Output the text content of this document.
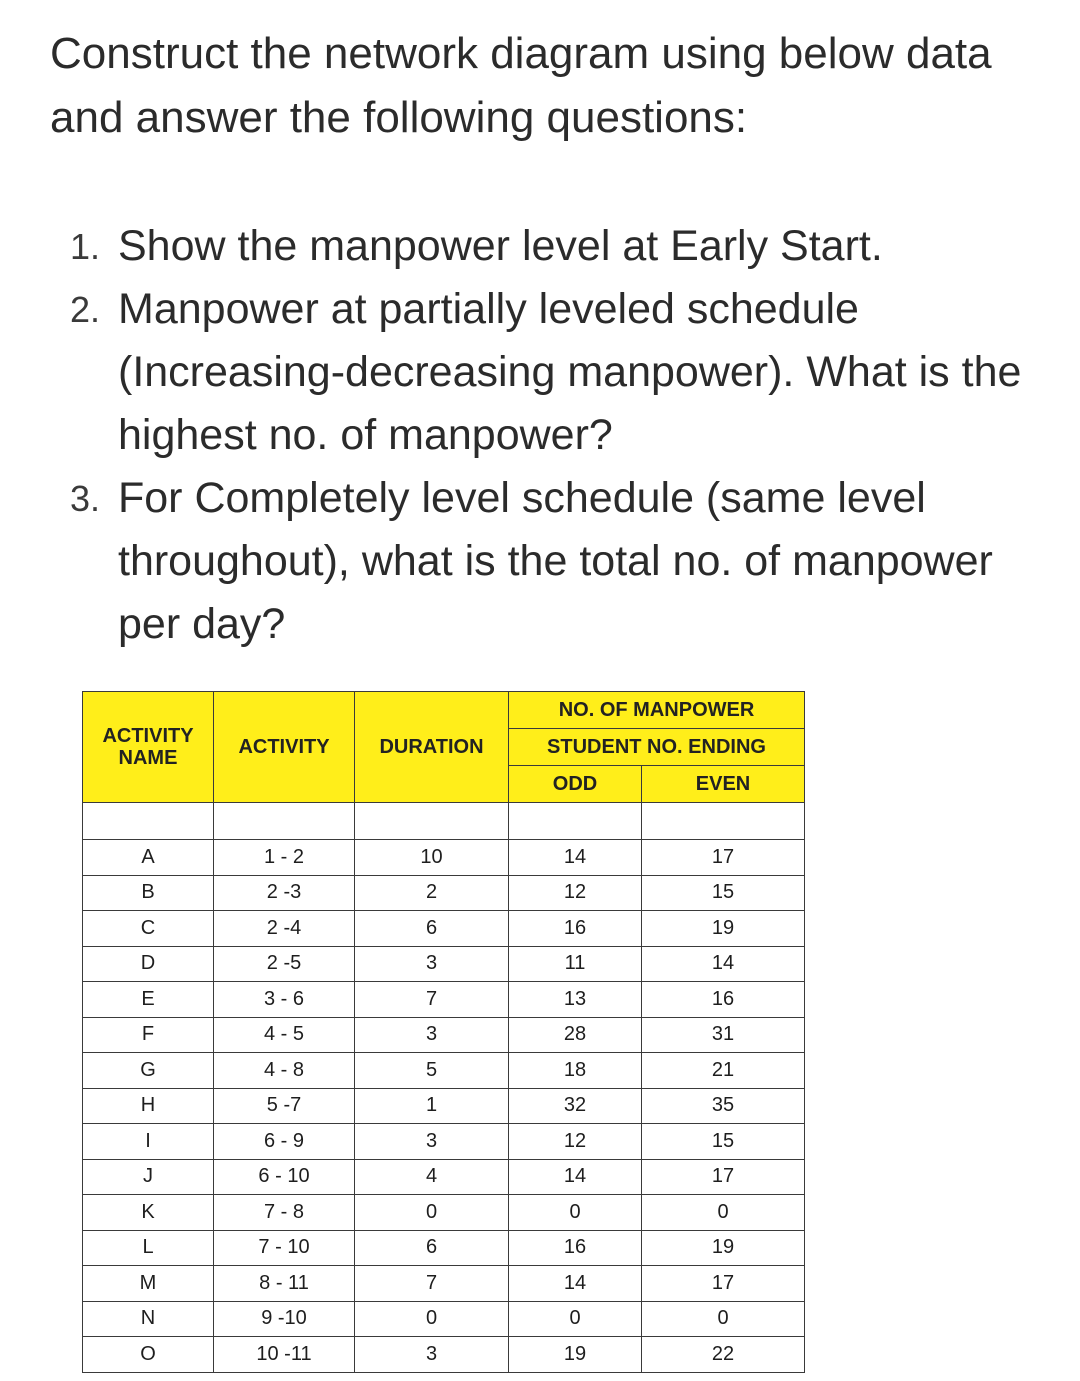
Construct the network diagram using below data and answer the following questions:
1. Show the manpower level at Early Start.
2. Manpower at partially leveled schedule (Increasing-decreasing manpower). What is the highest no. of manpower?
3. For Completely level schedule (same level throughout), what is the total no. of manpower per day?
ACTIVITY NAME	ACTIVITY	DURATION	NO. OF MANPOWER	
			STUDENT NO. ENDING	
			ODD	EVEN

A	1 - 2	10	14	17
B	2 -3	2	12	15
C	2 -4	6	16	19
D	2 -5	3	11	14
E	3 - 6	7	13	16
F	4 - 5	3	28	31
G	4 - 8	5	18	21
H	5 -7	1	32	35
I	6 - 9	3	12	15
J	6 - 10	4	14	17
K	7 - 8	0	0	0
L	7 - 10	6	16	19
M	8 - 11	7	14	17
N	9 -10	0	0	0
O	10 -11	3	19	22
